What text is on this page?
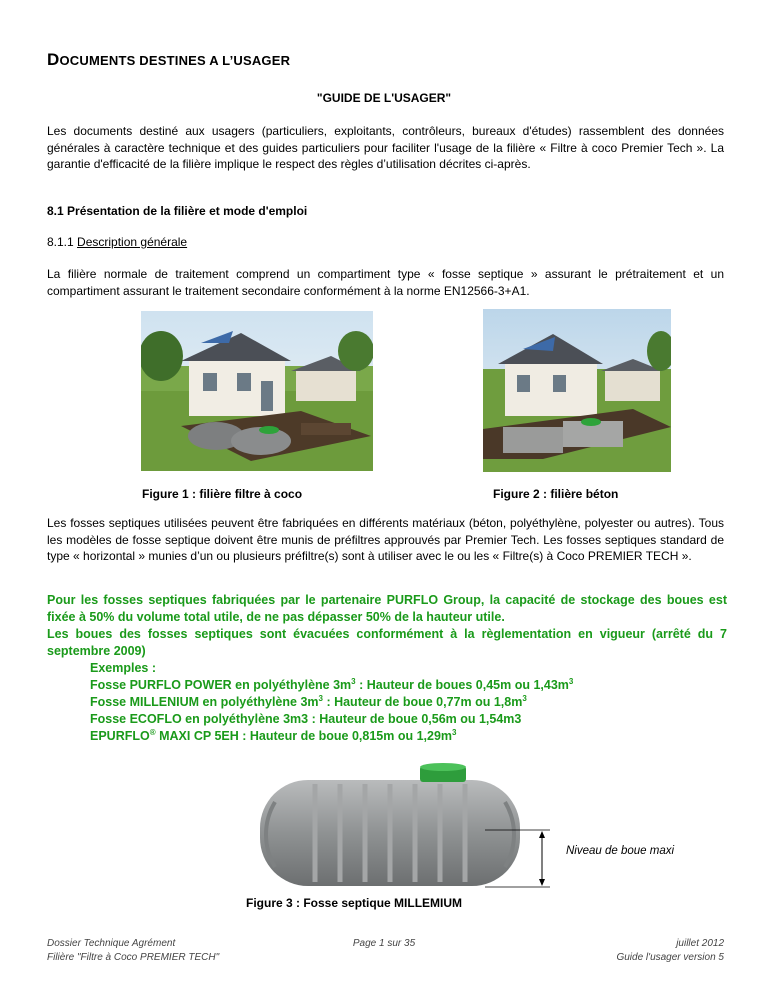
DOCUMENTS DESTINES A L’USAGER
"GUIDE DE L'USAGER"
Les documents destiné aux usagers (particuliers, exploitants, contrôleurs, bureaux d'études) rassemblent des données générales à caractère technique et des guides particuliers pour faciliter l'usage de la filière « Filtre à coco Premier Tech ». La garantie d'efficacité de la filière implique le respect des règles d’utilisation décrites ci-après.
8.1 Présentation de la filière et mode d'emploi
8.1.1 Description générale
La filière normale de traitement comprend un compartiment type « fosse septique » assurant le prétraitement et un compartiment assurant le traitement secondaire conformément à la norme EN12566-3+A1.
Figure 1 : filière filtre à coco	Figure 2 : filière béton
Les fosses septiques utilisées peuvent être fabriquées en différents matériaux (béton, polyéthylène, polyester ou autres). Tous les modèles de fosse septique doivent être munis de préfiltres approuvés par Premier Tech. Les fosses septiques standard de type « horizontal » munies d’un ou plusieurs préfiltre(s) sont à utiliser avec le ou les « Filtre(s) à Coco PREMIER TECH ».
Pour les fosses septiques fabriquées par le partenaire PURFLO Group, la capacité de stockage des boues est fixée à 50% du volume total utile, de ne pas dépasser 50% de la hauteur utile.
Les boues des fosses septiques sont évacuées conformément à la règlementation en vigueur (arrêté du 7 septembre 2009)
Exemples :
Fosse PURFLO POWER en polyéthylène $3m^3$ : Hauteur de boues 0,45m ou $1,43m^3$
Fosse MILLENIUM en polyéthylène $3m^3$ : Hauteur de boue 0,77m ou $1,8m^3$
Fosse ECOFLO en polyéthylène 3m3 : Hauteur de boue 0,56m ou 1,54m3
EPURFLO® MAXI CP 5EH : Hauteur de boue 0,815m ou $1,29m^3$
Niveau de boue maxi
Figure 3 : Fosse septique MILLEMIUM
Dossier Technique Agrément
Filière "Filtre à Coco PREMIER TECH"
Page 1 sur 35	juillet 2012
Guide l'usager version 5
